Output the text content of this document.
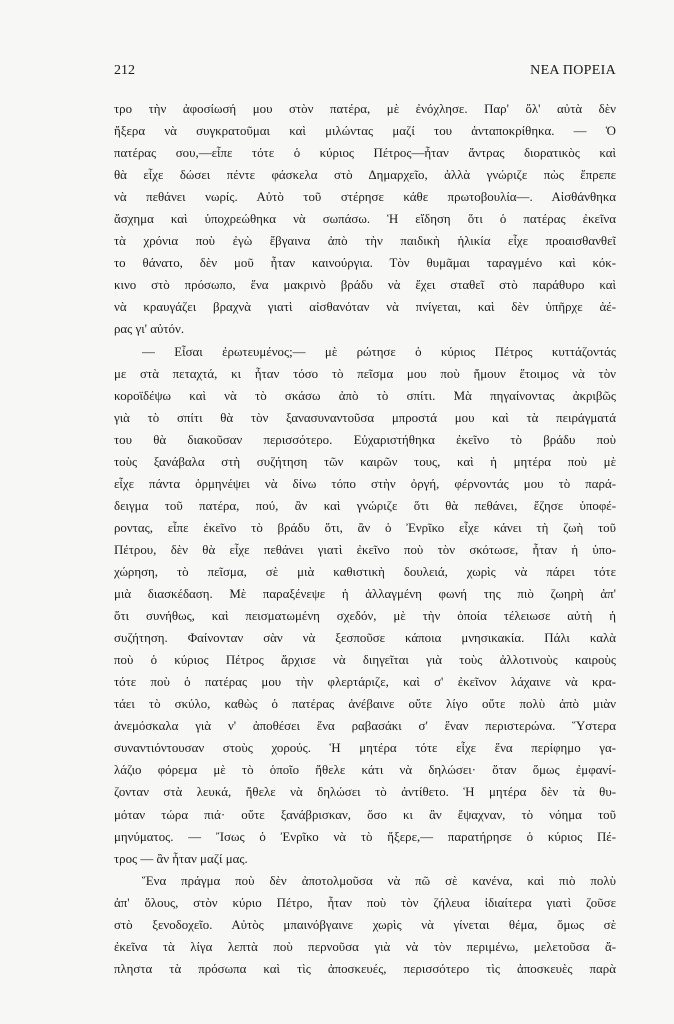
212	ΝΕΑ ΠΟΡΕΙΑ
τρο τὴν ἀφοσίωσή μου στὸν πατέρα, μὲ ἐνόχλησε. Παρ' ὅλ' αὐτὰ δὲν
ἤξερα νὰ συγκρατοῦμαι καὶ μιλώντας μαζί του ἀνταποκρίθηκα. — Ὁ
πατέρας σου,—εἶπε τότε ὁ κύριος Πέτρος—ἦταν ἄντρας διορατικὸς καὶ
θὰ εἶχε δώσει πέντε φάσκελα στὸ Δημαρχεῖο, ἀλλὰ γνώριζε πὼς ἔπρεπε
νὰ πεθάνει νωρίς. Αὐτὸ τοῦ στέρησε κάθε πρωτοβουλία—. Αἰσθάνθηκα
ἄσχημα καὶ ὑποχρεώθηκα νὰ σωπάσω. Ἡ εἴδηση ὅτι ὁ πατέρας ἐκεῖνα
τὰ χρόνια ποὺ ἐγὼ ἔβγαινα ἀπὸ τὴν παιδικὴ ἡλικία εἶχε προαισθανθεῖ
το θάνατο, δὲν μοῦ ἦταν καινούργια. Τὸν θυμᾶμαι ταραγμένο καὶ κόκ-
κινο στὸ πρόσωπο, ἕνα μακρινὸ βράδυ νὰ ἔχει σταθεῖ στὸ παράθυρο καὶ
νὰ κραυγάζει βραχνὰ γιατὶ αἰσθανόταν νὰ πνίγεται, καὶ δὲν ὑπῆρχε ἀέ-
ρας γι' αὐτόν.
— Εἶσαι ἐρωτευμένος;— μὲ ρώτησε ὁ κύριος Πέτρος κυττάζοντάς
με στὰ πεταχτά, κι ἦταν τόσο τὸ πεῖσμα μου ποὺ ἤμουν ἕτοιμος νὰ τὸν
κοροϊδέψω καὶ νὰ τὸ σκάσω ἀπὸ τὸ σπίτι. Μὰ πηγαίνοντας ἀκριβῶς
γιὰ τὸ σπίτι θὰ τὸν ξανασυναντοῦσα μπροστά μου καὶ τὰ πειράγματά
του θὰ διακοῦσαν περισσότερο. Εὐχαριστήθηκα ἐκεῖνο τὸ βράδυ ποὺ
τοὺς ξανάβαλα στὴ συζήτηση τῶν καιρῶν τους, καὶ ἡ μητέρα ποὺ μὲ
εἶχε πάντα ὁρμηνέψει νὰ δίνω τόπο στὴν ὀργή, φέρνοντάς μου τὸ παρά-
δειγμα τοῦ πατέρα, πού, ἂν καὶ γνώριζε ὅτι θὰ πεθάνει, ἔζησε ὑποφέ-
ροντας, εἶπε ἐκεῖνο τὸ βράδυ ὅτι, ἂν ὁ Ἐνρῖκο εἶχε κάνει τὴ ζωὴ τοῦ
Πέτρου, δὲν θὰ εἶχε πεθάνει γιατὶ ἐκεῖνο ποὺ τὸν σκότωσε, ἦταν ἡ ὑπο-
χώρηση, τὸ πεῖσμα, σὲ μιὰ καθιστικὴ δουλειά, χωρὶς νὰ πάρει τότε
μιὰ διασκέδαση. Μὲ παραξένεψε ἡ ἀλλαγμένη φωνή της πιὸ ζωηρὴ ἀπ'
ὅτι συνήθως, καὶ πεισματωμένη σχεδόν, μὲ τὴν ὁποία τέλειωσε αὐτὴ ἡ
συζήτηση. Φαίνονταν σὰν νὰ ξεσποῦσε κάποια μνησικακία. Πάλι καλὰ
ποὺ ὁ κύριος Πέτρος ἄρχισε νὰ διηγεῖται γιὰ τοὺς ἀλλοτινοὺς καιροὺς
τότε ποὺ ὁ πατέρας μου τὴν φλερτάριζε, καὶ σ' ἐκεῖνον λάχαινε νὰ κρα-
τάει τὸ σκύλο, καθὼς ὁ πατέρας ἀνέβαινε οὔτε λίγο οὔτε πολὺ ἀπὸ μιὰν
ἀνεμόσκαλα γιὰ ν' ἀποθέσει ἕνα ραβασάκι σ' ἕναν περιστερώνα. Ὕστερα
συναντιόντουσαν στοὺς χορούς. Ἡ μητέρα τότε εἶχε ἕνα περίφημο γα-
λάζιο φόρεμα μὲ τὸ ὁποῖο ἤθελε κάτι νὰ δηλώσει· ὅταν ὅμως ἐμφανί-
ζονταν στὰ λευκά, ἤθελε νὰ δηλώσει τὸ ἀντίθετο. Ἡ μητέρα δὲν τὰ θυ-
μόταν τώρα πιά· οὔτε ξανάβρισκαν, ὅσο κι ἂν ἔψαχναν, τὸ νόημα τοῦ
μηνύματος. — Ἴσως ὁ Ἐνρῖκο νὰ τὸ ἤξερε,— παρατήρησε ὁ κύριος Πέ-
τρος — ἂν ἦταν μαζί μας.
Ἕνα πράγμα ποὺ δὲν ἀποτολμοῦσα νὰ πῶ σὲ κανένα, καὶ πιὸ πολὺ
ἀπ' ὅλους, στὸν κύριο Πέτρο, ἦταν ποὺ τὸν ζήλευα ἰδιαίτερα γιατὶ ζοῦσε
στὸ ξενοδοχεῖο. Αὐτὸς μπαινόβγαινε χωρὶς νὰ γίνεται θέμα, ὅμως σὲ
ἐκεῖνα τὰ λίγα λεπτὰ ποὺ περνοῦσα γιὰ νὰ τὸν περιμένω, μελετοῦσα ἄ-
πληστα τὰ πρόσωπα καὶ τὶς ἀποσκευές, περισσότερο τὶς ἀποσκευὲς παρὰ
